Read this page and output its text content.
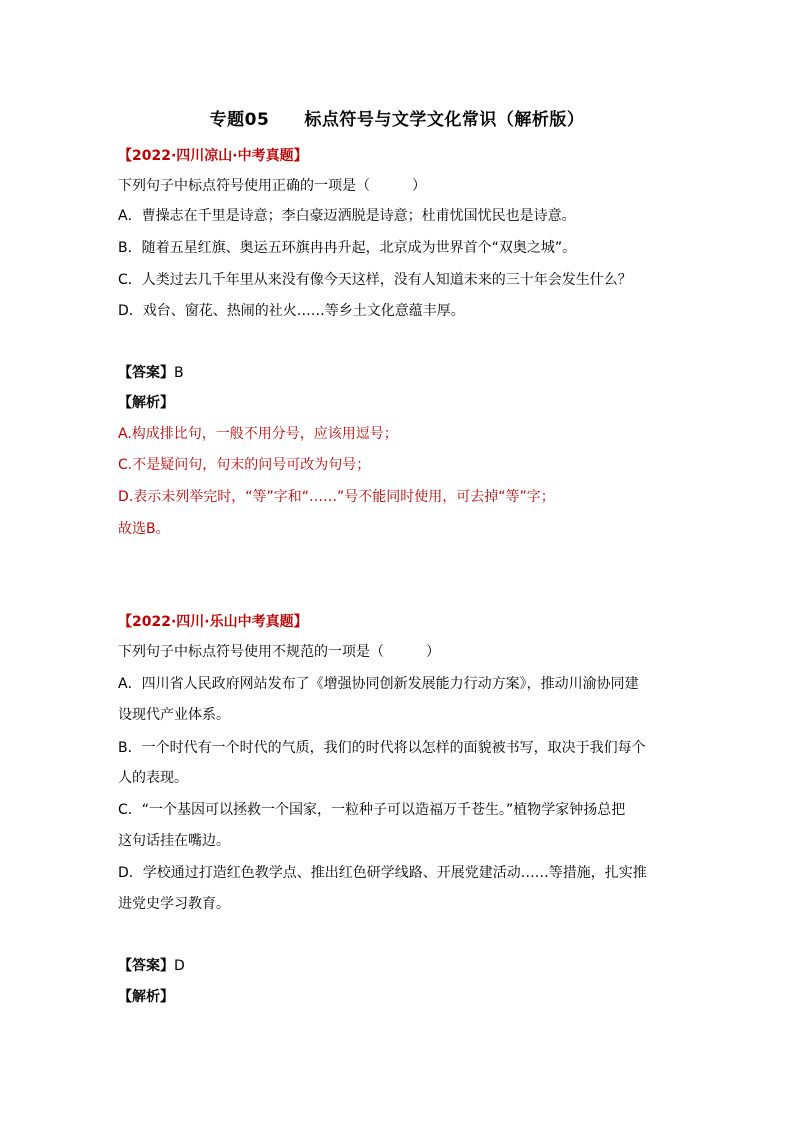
专题05　　标点符号与文学文化常识（解析版）
【2022·四川凉山·中考真题】
下列句子中标点符号使用正确的一项是（　　　）
A．曹操志在千里是诗意；李白豪迈洒脱是诗意；杜甫忧国忧民也是诗意。
B．随着五星红旗、奥运五环旗冉冉升起，北京成为世界首个“双奥之城”。
C．人类过去几千年里从来没有像今天这样，没有人知道未来的三十年会发生什么？
D．戏台、窗花、热闹的社火……等乡土文化意蕴丰厚。
【答案】B
【解析】
A.构成排比句，一般不用分号，应该用逗号；
C.不是疑问句，句末的问号可改为句号；
D.表示未列举完时，“等”字和“……”号不能同时使用，可去掉“等”字；
故选B。
【2022·四川·乐山中考真题】
下列句子中标点符号使用不规范的一项是（　　　）
A．四川省人民政府网站发布了《增强协同创新发展能力行动方案》，推动川渝协同建
设现代产业体系。
B．一个时代有一个时代的气质，我们的时代将以怎样的面貌被书写，取决于我们每个
人的表现。
C．“一个基因可以拯救一个国家，一粒种子可以造福万千苍生。”植物学家钟扬总把
这句话挂在嘴边。
D．学校通过打造红色教学点、推出红色研学线路、开展党建活动……等措施，扎实推
进党史学习教育。
【答案】D
【解析】
